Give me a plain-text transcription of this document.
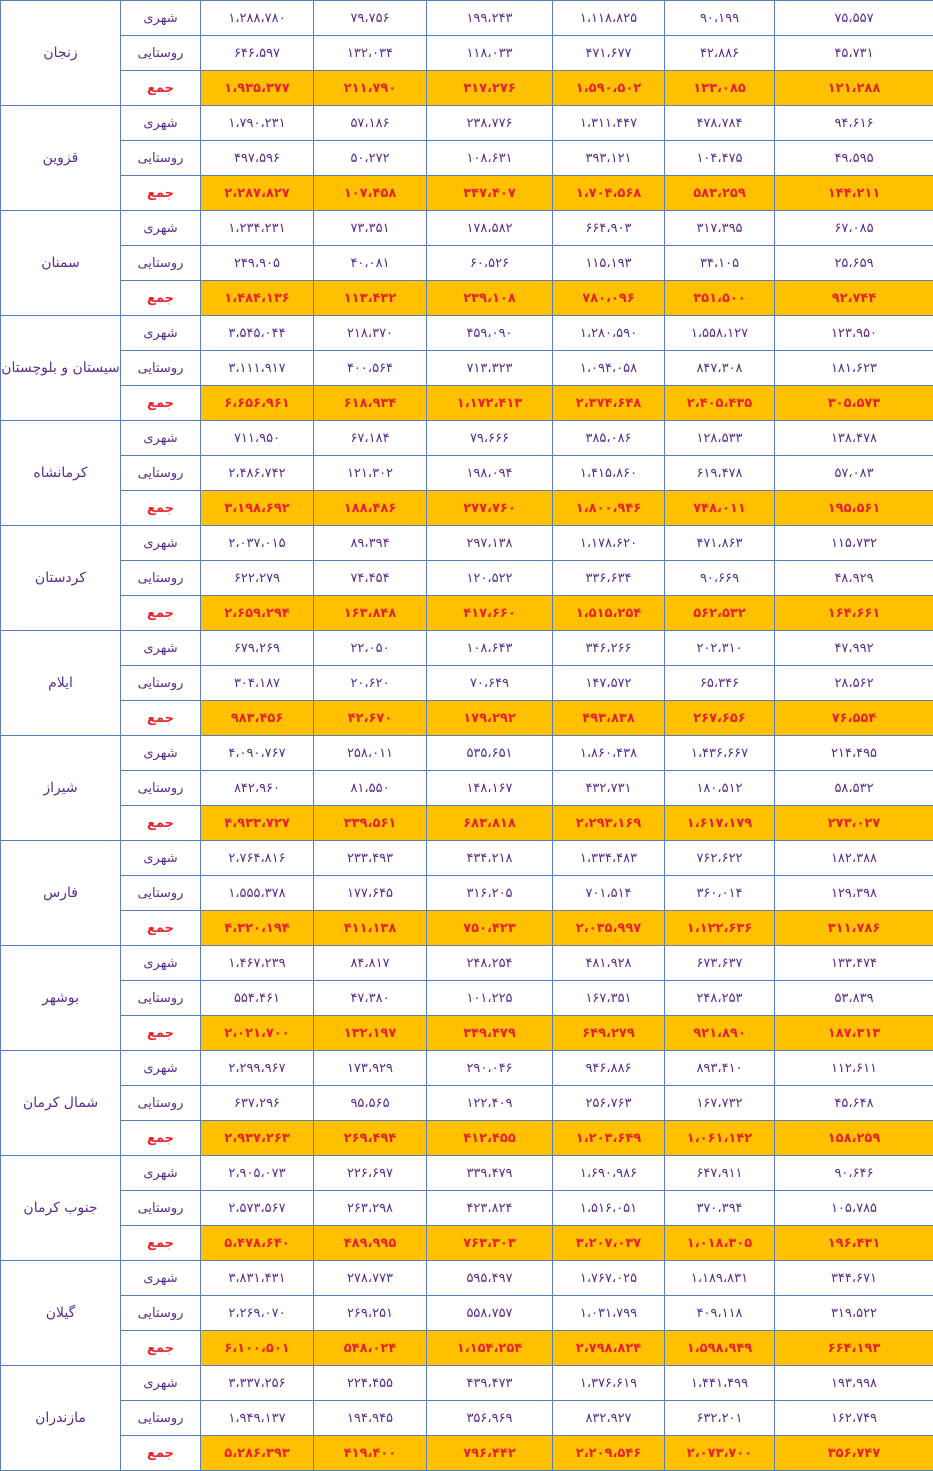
زنجان	شهری	۱،۲۸۸،۷۸۰	۷۹،۷۵۶	۱۹۹،۲۴۳	۱،۱۱۸،۸۲۵	۹۰،۱۹۹	۷۵،۵۵۷
	روستایی	۶۴۶،۵۹۷	۱۳۲،۰۳۴	۱۱۸،۰۳۳	۴۷۱،۶۷۷	۴۲،۸۸۶	۴۵،۷۳۱
	جمع	۱،۹۳۵،۳۷۷	۲۱۱،۷۹۰	۳۱۷،۲۷۶	۱،۵۹۰،۵۰۲	۱۳۳،۰۸۵	۱۲۱،۲۸۸
قزوین	شهری	۱،۷۹۰،۲۳۱	۵۷،۱۸۶	۲۳۸،۷۷۶	۱،۳۱۱،۴۴۷	۴۷۸،۷۸۴	۹۴،۶۱۶
	روستایی	۴۹۷،۵۹۶	۵۰،۲۷۲	۱۰۸،۶۳۱	۳۹۳،۱۲۱	۱۰۴،۴۷۵	۴۹،۵۹۵
	جمع	۲،۲۸۷،۸۲۷	۱۰۷،۴۵۸	۳۴۷،۴۰۷	۱،۷۰۴،۵۶۸	۵۸۳،۲۵۹	۱۴۴،۲۱۱
سمنان	شهری	۱،۲۳۴،۲۳۱	۷۳،۳۵۱	۱۷۸،۵۸۲	۶۶۴،۹۰۳	۳۱۷،۳۹۵	۶۷،۰۸۵
	روستایی	۲۴۹،۹۰۵	۴۰،۰۸۱	۶۰،۵۲۶	۱۱۵،۱۹۳	۳۴،۱۰۵	۲۵،۶۵۹
	جمع	۱،۴۸۴،۱۳۶	۱۱۳،۴۳۲	۲۳۹،۱۰۸	۷۸۰،۰۹۶	۳۵۱،۵۰۰	۹۲،۷۴۴
سیستان و بلوچستان	شهری	۳،۵۴۵،۰۴۴	۲۱۸،۳۷۰	۴۵۹،۰۹۰	۱،۲۸۰،۵۹۰	۱،۵۵۸،۱۲۷	۱۲۳،۹۵۰
	روستایی	۳،۱۱۱،۹۱۷	۴۰۰،۵۶۴	۷۱۳،۳۲۳	۱،۰۹۴،۰۵۸	۸۴۷،۳۰۸	۱۸۱،۶۲۳
	جمع	۶،۶۵۶،۹۶۱	۶۱۸،۹۳۴	۱،۱۷۲،۴۱۳	۲،۳۷۴،۶۴۸	۲،۴۰۵،۴۳۵	۳۰۵،۵۷۳
کرمانشاه	شهری	۷۱۱،۹۵۰	۶۷،۱۸۴	۷۹،۶۶۶	۳۸۵،۰۸۶	۱۲۸،۵۳۳	۱۳۸،۴۷۸
	روستایی	۲،۴۸۶،۷۴۲	۱۲۱،۳۰۲	۱۹۸،۰۹۴	۱،۴۱۵،۸۶۰	۶۱۹،۴۷۸	۵۷،۰۸۳
	جمع	۳،۱۹۸،۶۹۲	۱۸۸،۴۸۶	۲۷۷،۷۶۰	۱،۸۰۰،۹۴۶	۷۴۸،۰۱۱	۱۹۵،۵۶۱
کردستان	شهری	۲،۰۳۷،۰۱۵	۸۹،۳۹۴	۲۹۷،۱۳۸	۱،۱۷۸،۶۲۰	۴۷۱،۸۶۳	۱۱۵،۷۳۲
	روستایی	۶۲۲،۲۷۹	۷۴،۴۵۴	۱۲۰،۵۲۲	۳۳۶،۶۳۴	۹۰،۶۶۹	۴۸،۹۲۹
	جمع	۲،۶۵۹،۲۹۴	۱۶۳،۸۴۸	۴۱۷،۶۶۰	۱،۵۱۵،۲۵۴	۵۶۲،۵۳۲	۱۶۴،۶۶۱
ایلام	شهری	۶۷۹،۲۶۹	۲۲،۰۵۰	۱۰۸،۶۴۳	۳۴۶،۲۶۶	۲۰۲،۳۱۰	۴۷،۹۹۲
	روستایی	۳۰۴،۱۸۷	۲۰،۶۲۰	۷۰،۶۴۹	۱۴۷،۵۷۲	۶۵،۳۴۶	۲۸،۵۶۲
	جمع	۹۸۳،۴۵۶	۴۲،۶۷۰	۱۷۹،۲۹۲	۴۹۳،۸۳۸	۲۶۷،۶۵۶	۷۶،۵۵۴
شیراز	شهری	۴،۰۹۰،۷۶۷	۲۵۸،۰۱۱	۵۳۵،۶۵۱	۱،۸۶۰،۴۳۸	۱،۴۳۶،۶۶۷	۲۱۴،۴۹۵
	روستایی	۸۴۲،۹۶۰	۸۱،۵۵۰	۱۴۸،۱۶۷	۴۳۲،۷۳۱	۱۸۰،۵۱۲	۵۸،۵۳۲
	جمع	۴،۹۳۳،۷۲۷	۳۳۹،۵۶۱	۶۸۳،۸۱۸	۲،۲۹۳،۱۶۹	۱،۶۱۷،۱۷۹	۲۷۳،۰۲۷
فارس	شهری	۲،۷۶۴،۸۱۶	۲۳۳،۴۹۳	۴۳۴،۲۱۸	۱،۳۳۴،۴۸۳	۷۶۲،۶۲۲	۱۸۲،۳۸۸
	روستایی	۱،۵۵۵،۳۷۸	۱۷۷،۶۴۵	۳۱۶،۲۰۵	۷۰۱،۵۱۴	۳۶۰،۰۱۴	۱۲۹،۳۹۸
	جمع	۴،۳۲۰،۱۹۴	۴۱۱،۱۳۸	۷۵۰،۴۲۳	۲،۰۳۵،۹۹۷	۱،۱۲۲،۶۳۶	۳۱۱،۷۸۶
بوشهر	شهری	۱،۴۶۷،۲۳۹	۸۴،۸۱۷	۲۴۸،۲۵۴	۴۸۱،۹۲۸	۶۷۳،۶۳۷	۱۳۳،۴۷۴
	روستایی	۵۵۴،۴۶۱	۴۷،۳۸۰	۱۰۱،۲۲۵	۱۶۷،۳۵۱	۲۴۸،۲۵۳	۵۳،۸۳۹
	جمع	۲،۰۲۱،۷۰۰	۱۳۲،۱۹۷	۳۴۹،۴۷۹	۶۴۹،۲۷۹	۹۲۱،۸۹۰	۱۸۷،۳۱۳
شمال کرمان	شهری	۲،۲۹۹،۹۶۷	۱۷۳،۹۲۹	۲۹۰،۰۴۶	۹۴۶،۸۸۶	۸۹۳،۴۱۰	۱۱۲،۶۱۱
	روستایی	۶۳۷،۲۹۶	۹۵،۵۶۵	۱۲۲،۴۰۹	۲۵۶،۷۶۳	۱۶۷،۷۳۲	۴۵،۶۴۸
	جمع	۲،۹۳۷،۲۶۳	۲۶۹،۴۹۴	۴۱۲،۴۵۵	۱،۲۰۳،۶۴۹	۱،۰۶۱،۱۴۲	۱۵۸،۲۵۹
جنوب کرمان	شهری	۲،۹۰۵،۰۷۳	۲۲۶،۶۹۷	۳۳۹،۴۷۹	۱،۶۹۰،۹۸۶	۶۴۷،۹۱۱	۹۰،۶۴۶
	روستایی	۲،۵۷۳،۵۶۷	۲۶۳،۲۹۸	۴۲۳،۸۲۴	۱،۵۱۶،۰۵۱	۳۷۰،۳۹۴	۱۰۵،۷۸۵
	جمع	۵،۴۷۸،۶۴۰	۴۸۹،۹۹۵	۷۶۳،۳۰۳	۳،۲۰۷،۰۳۷	۱،۰۱۸،۳۰۵	۱۹۶،۴۳۱
گیلان	شهری	۳،۸۳۱،۴۳۱	۲۷۸،۷۷۳	۵۹۵،۴۹۷	۱،۷۶۷،۰۲۵	۱،۱۸۹،۸۳۱	۳۴۴،۶۷۱
	روستایی	۲،۲۶۹،۰۷۰	۲۶۹،۲۵۱	۵۵۸،۷۵۷	۱،۰۳۱،۷۹۹	۴۰۹،۱۱۸	۳۱۹،۵۲۲
	جمع	۶،۱۰۰،۵۰۱	۵۴۸،۰۲۴	۱،۱۵۴،۲۵۴	۲،۷۹۸،۸۲۴	۱،۵۹۸،۹۴۹	۶۶۴،۱۹۳
مازندران	شهری	۳،۳۳۷،۲۵۶	۲۲۴،۴۵۵	۴۳۹،۴۷۳	۱،۳۷۶،۶۱۹	۱،۴۴۱،۴۹۹	۱۹۳،۹۹۸
	روستایی	۱،۹۴۹،۱۳۷	۱۹۴،۹۴۵	۳۵۶،۹۶۹	۸۳۲،۹۲۷	۶۳۲،۲۰۱	۱۶۲،۷۴۹
	جمع	۵،۲۸۶،۳۹۳	۴۱۹،۴۰۰	۷۹۶،۴۴۲	۲،۲۰۹،۵۴۶	۲،۰۷۳،۷۰۰	۳۵۶،۷۴۷
